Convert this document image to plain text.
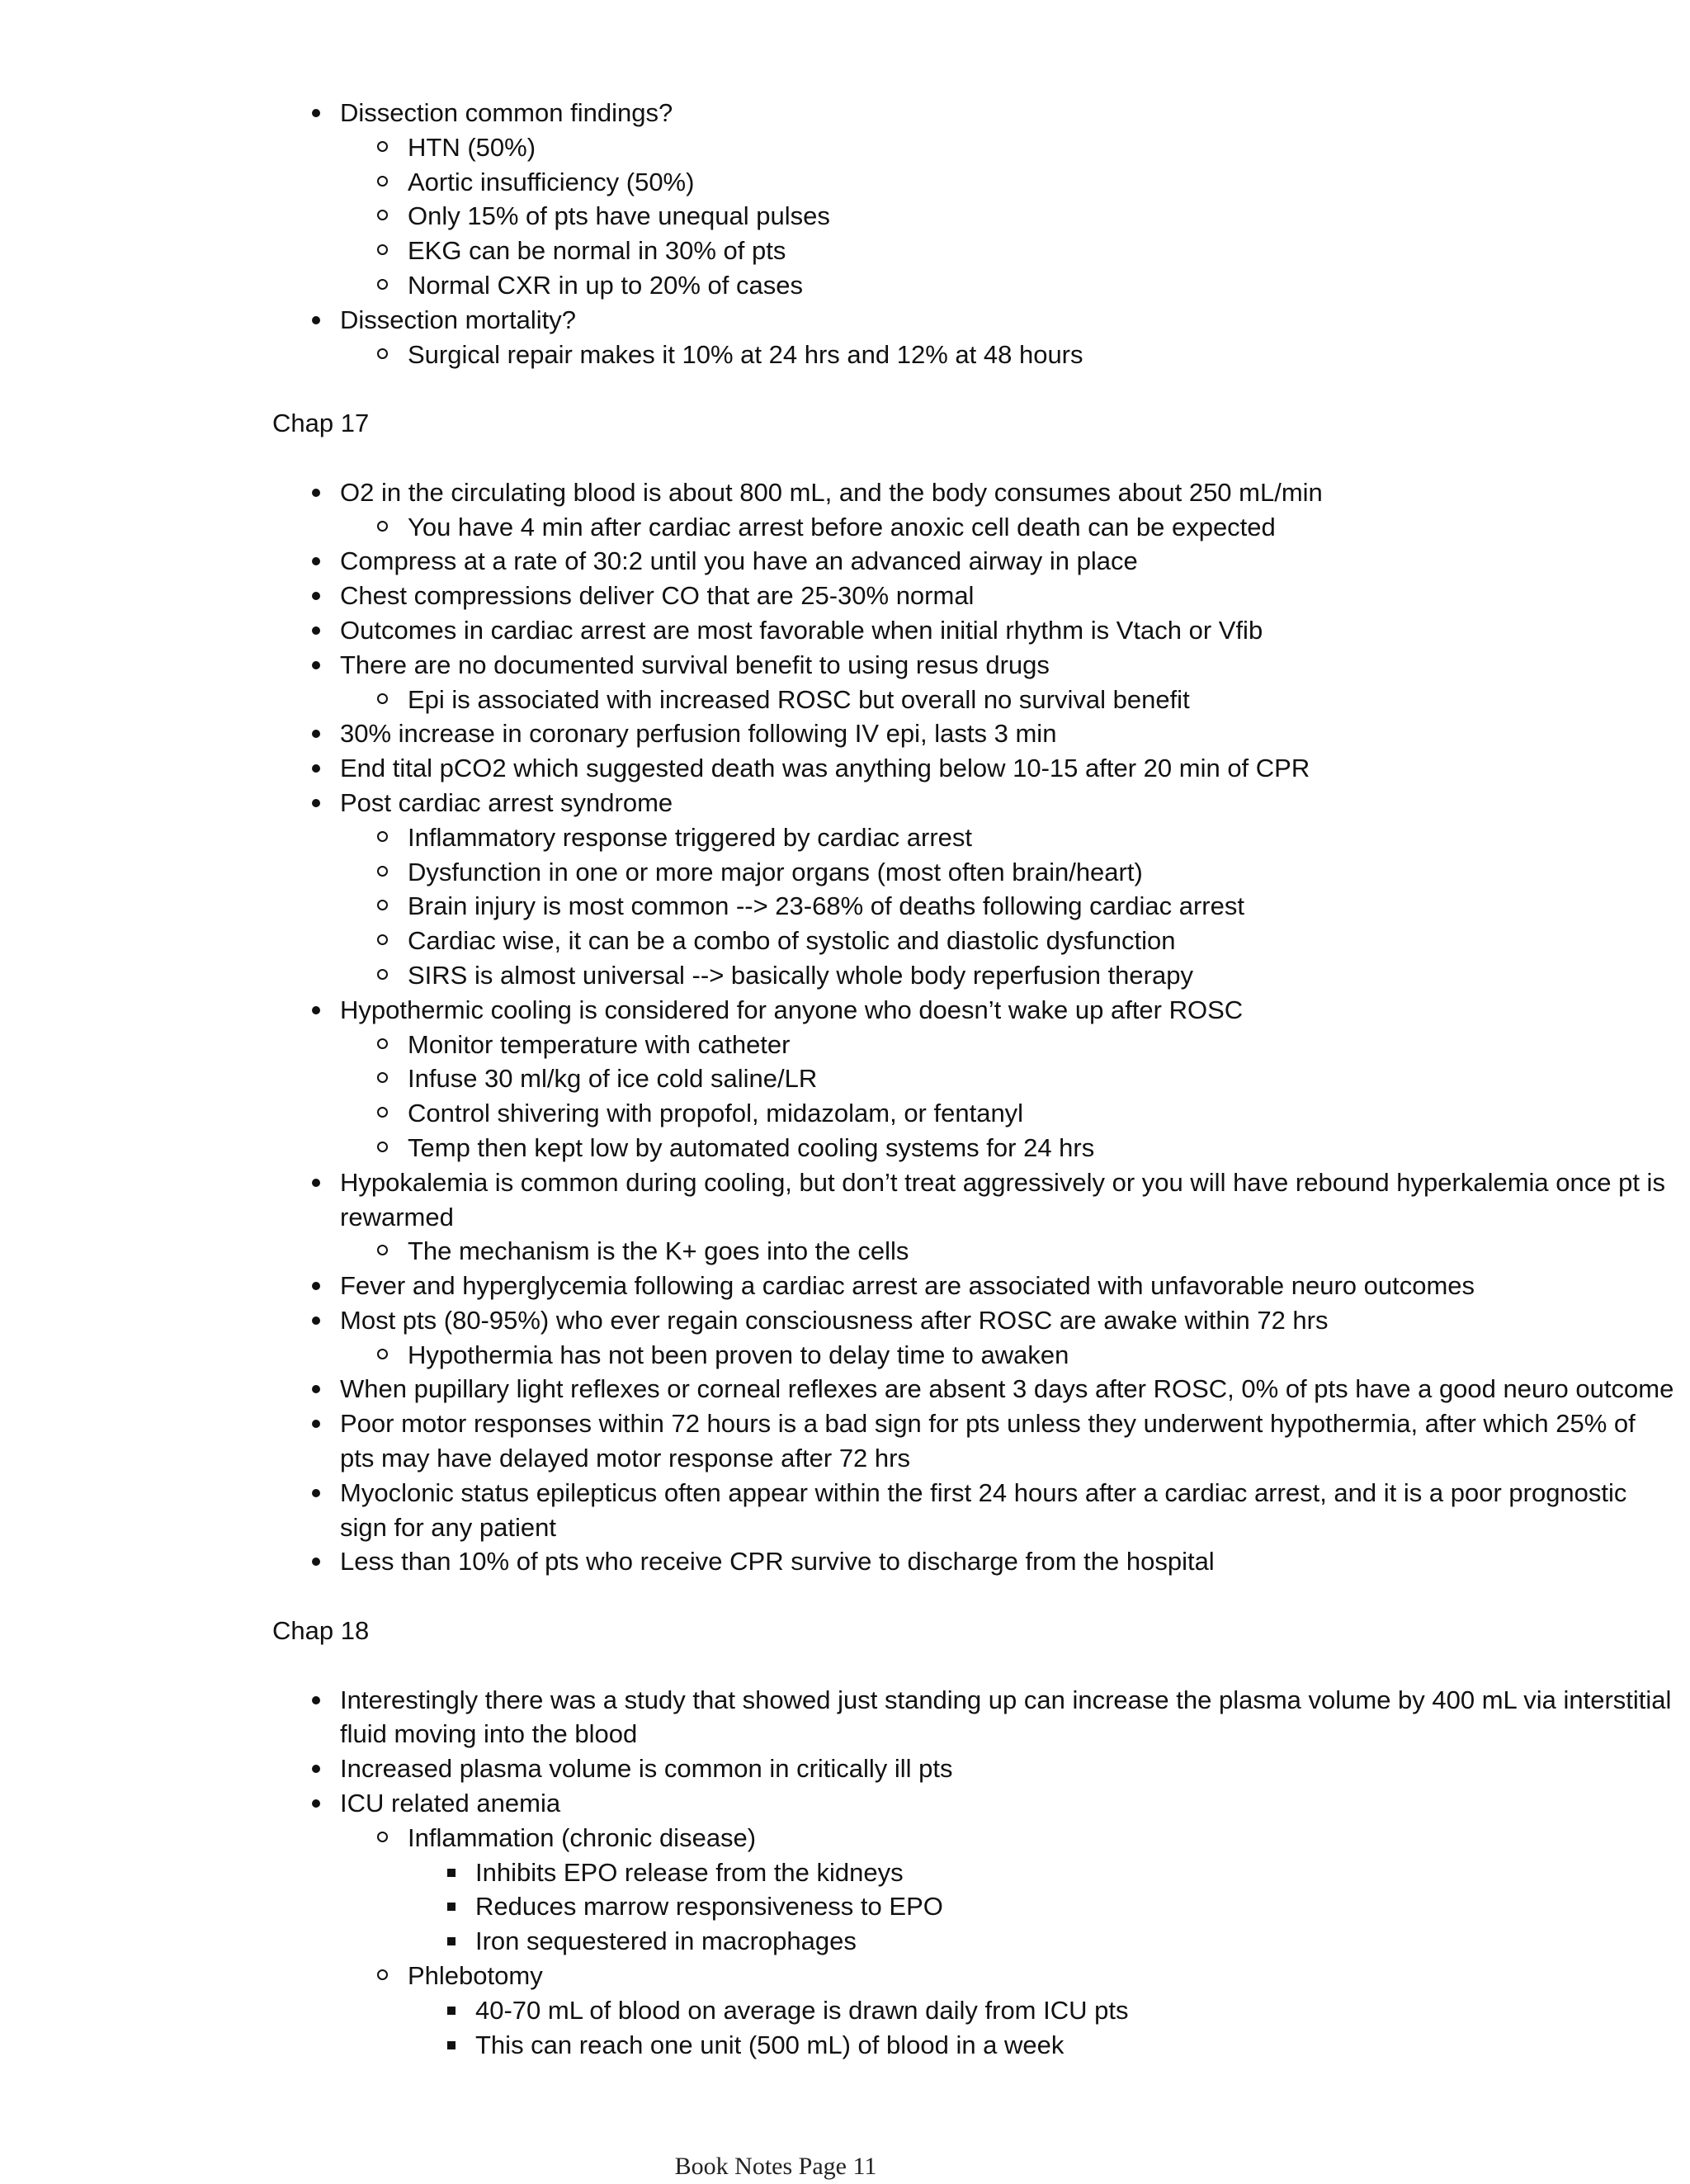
Dissection common findings?
HTN (50%)
Aortic insufficiency (50%)
Only 15% of pts have unequal pulses
EKG can be normal in 30% of pts
Normal CXR in up to 20% of cases
Dissection mortality?
Surgical repair makes it 10% at 24 hrs and 12% at 48 hours
Chap 17
O2 in the circulating blood is about 800 mL, and the body consumes about 250 mL/min
You have 4 min after cardiac arrest before anoxic cell death can be expected
Compress at a rate of 30:2 until you have an advanced airway in place
Chest compressions deliver CO that are 25-30% normal
Outcomes in cardiac arrest are most favorable when initial rhythm is Vtach or Vfib
There are no documented survival benefit to using resus drugs
Epi is associated with increased ROSC but overall no survival benefit
30% increase in coronary perfusion following IV epi, lasts 3 min
End tital pCO2 which suggested death was anything below 10-15 after 20 min of CPR
Post cardiac arrest syndrome
Inflammatory response triggered by cardiac arrest
Dysfunction in one or more major organs (most often brain/heart)
Brain injury is most common --> 23-68% of deaths following cardiac arrest
Cardiac wise, it can be a combo of systolic and diastolic dysfunction
SIRS is almost universal --> basically whole body reperfusion therapy
Hypothermic cooling is considered for anyone who doesn’t wake up after ROSC
Monitor temperature with catheter
Infuse 30 ml/kg of ice cold saline/LR
Control shivering with propofol, midazolam, or fentanyl
Temp then kept low by automated cooling systems for 24 hrs
Hypokalemia is common during cooling, but don’t treat aggressively or you will have rebound hyperkalemia once pt is rewarmed
The mechanism is the K+ goes into the cells
Fever and hyperglycemia following a cardiac arrest are associated with unfavorable neuro outcomes
Most pts (80-95%) who ever regain consciousness after ROSC are awake within 72 hrs
Hypothermia has not been proven to delay time to awaken
When pupillary light reflexes or corneal reflexes are absent 3 days after ROSC, 0% of pts have a good neuro outcome
Poor motor responses within 72 hours is a bad sign for pts unless they underwent hypothermia, after which 25% of pts may have delayed motor response after 72 hrs
Myoclonic status epilepticus often appear within the first 24 hours after a cardiac arrest, and it is a poor prognostic sign for any patient
Less than 10% of pts who receive CPR survive to discharge from the hospital
Chap 18
Interestingly there was a study that showed just standing up can increase the plasma volume by 400 mL via interstitial fluid moving into the blood
Increased plasma volume is common in critically ill pts
ICU related anemia
Inflammation (chronic disease)
Inhibits EPO release from the kidneys
Reduces marrow responsiveness to EPO
Iron sequestered in macrophages
Phlebotomy
40-70 mL of blood on average is drawn daily from ICU pts
This can reach one unit (500 mL) of blood in a week
Book Notes Page 11
